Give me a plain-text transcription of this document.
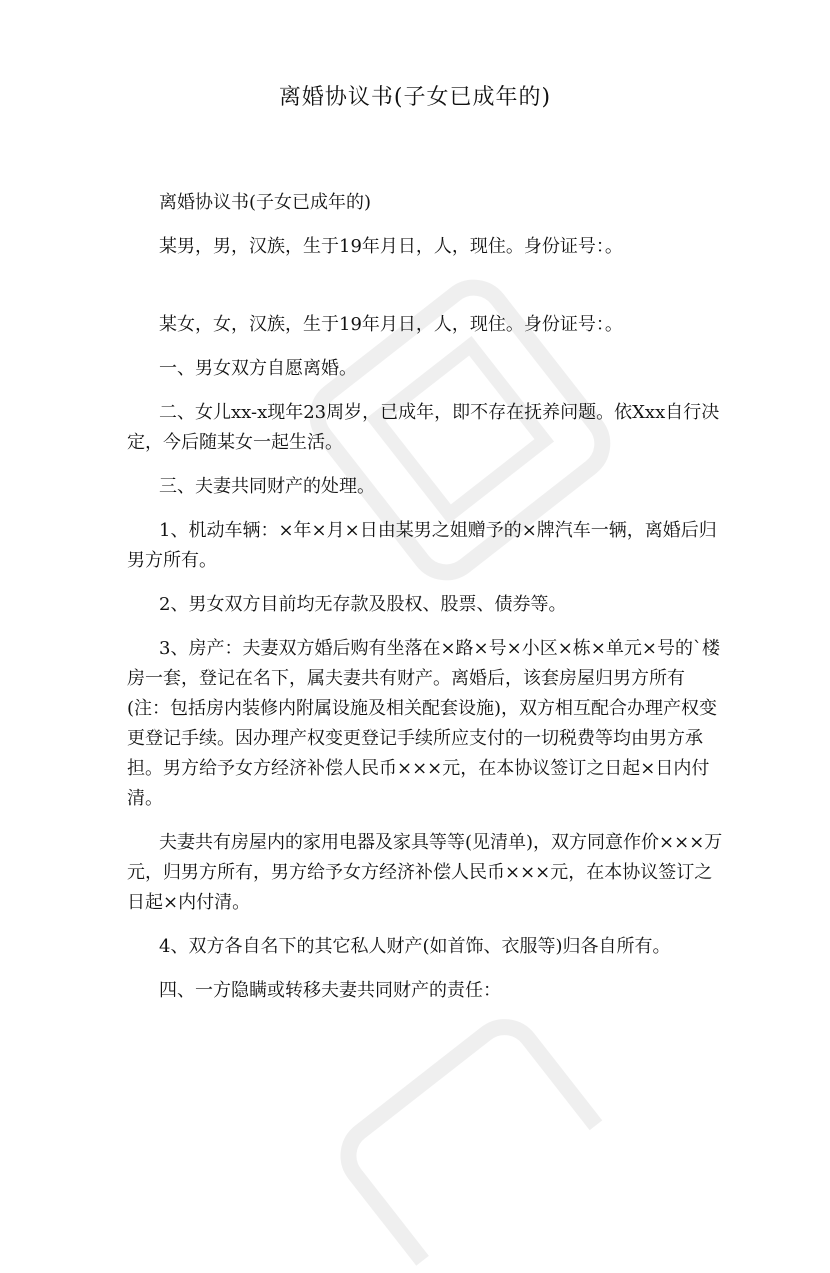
离婚协议书(子女已成年的)

离婚协议书(子女已成年的)

某男，男，汉族，生于19年月日，人，现住。身份证号：。

某女，女，汉族，生于19年月日，人，现住。身份证号：。

一、男女双方自愿离婚。

二、女儿xx-x现年23周岁，已成年，即不存在抚养问题。依Xxx自行决定，今后随某女一起生活。

三、夫妻共同财产的处理。

1、机动车辆：×年×月×日由某男之姐赠予的×牌汽车一辆，离婚后归男方所有。

2、男女双方目前均无存款及股权、股票、债券等。

3、房产：夫妻双方婚后购有坐落在×路×号×小区×栋×单元×号的`楼房一套，登记在名下，属夫妻共有财产。离婚后，该套房屋归男方所有(注：包括房内装修内附属设施及相关配套设施)，双方相互配合办理产权变更登记手续。因办理产权变更登记手续所应支付的一切税费等均由男方承担。男方给予女方经济补偿人民币×××元，在本协议签订之日起×日内付清。

夫妻共有房屋内的家用电器及家具等等(见清单)，双方同意作价×××万元，归男方所有，男方给予女方经济补偿人民币×××元，在本协议签订之日起×内付清。

4、双方各自名下的其它私人财产(如首饰、衣服等)归各自所有。

四、一方隐瞒或转移夫妻共同财产的责任：
